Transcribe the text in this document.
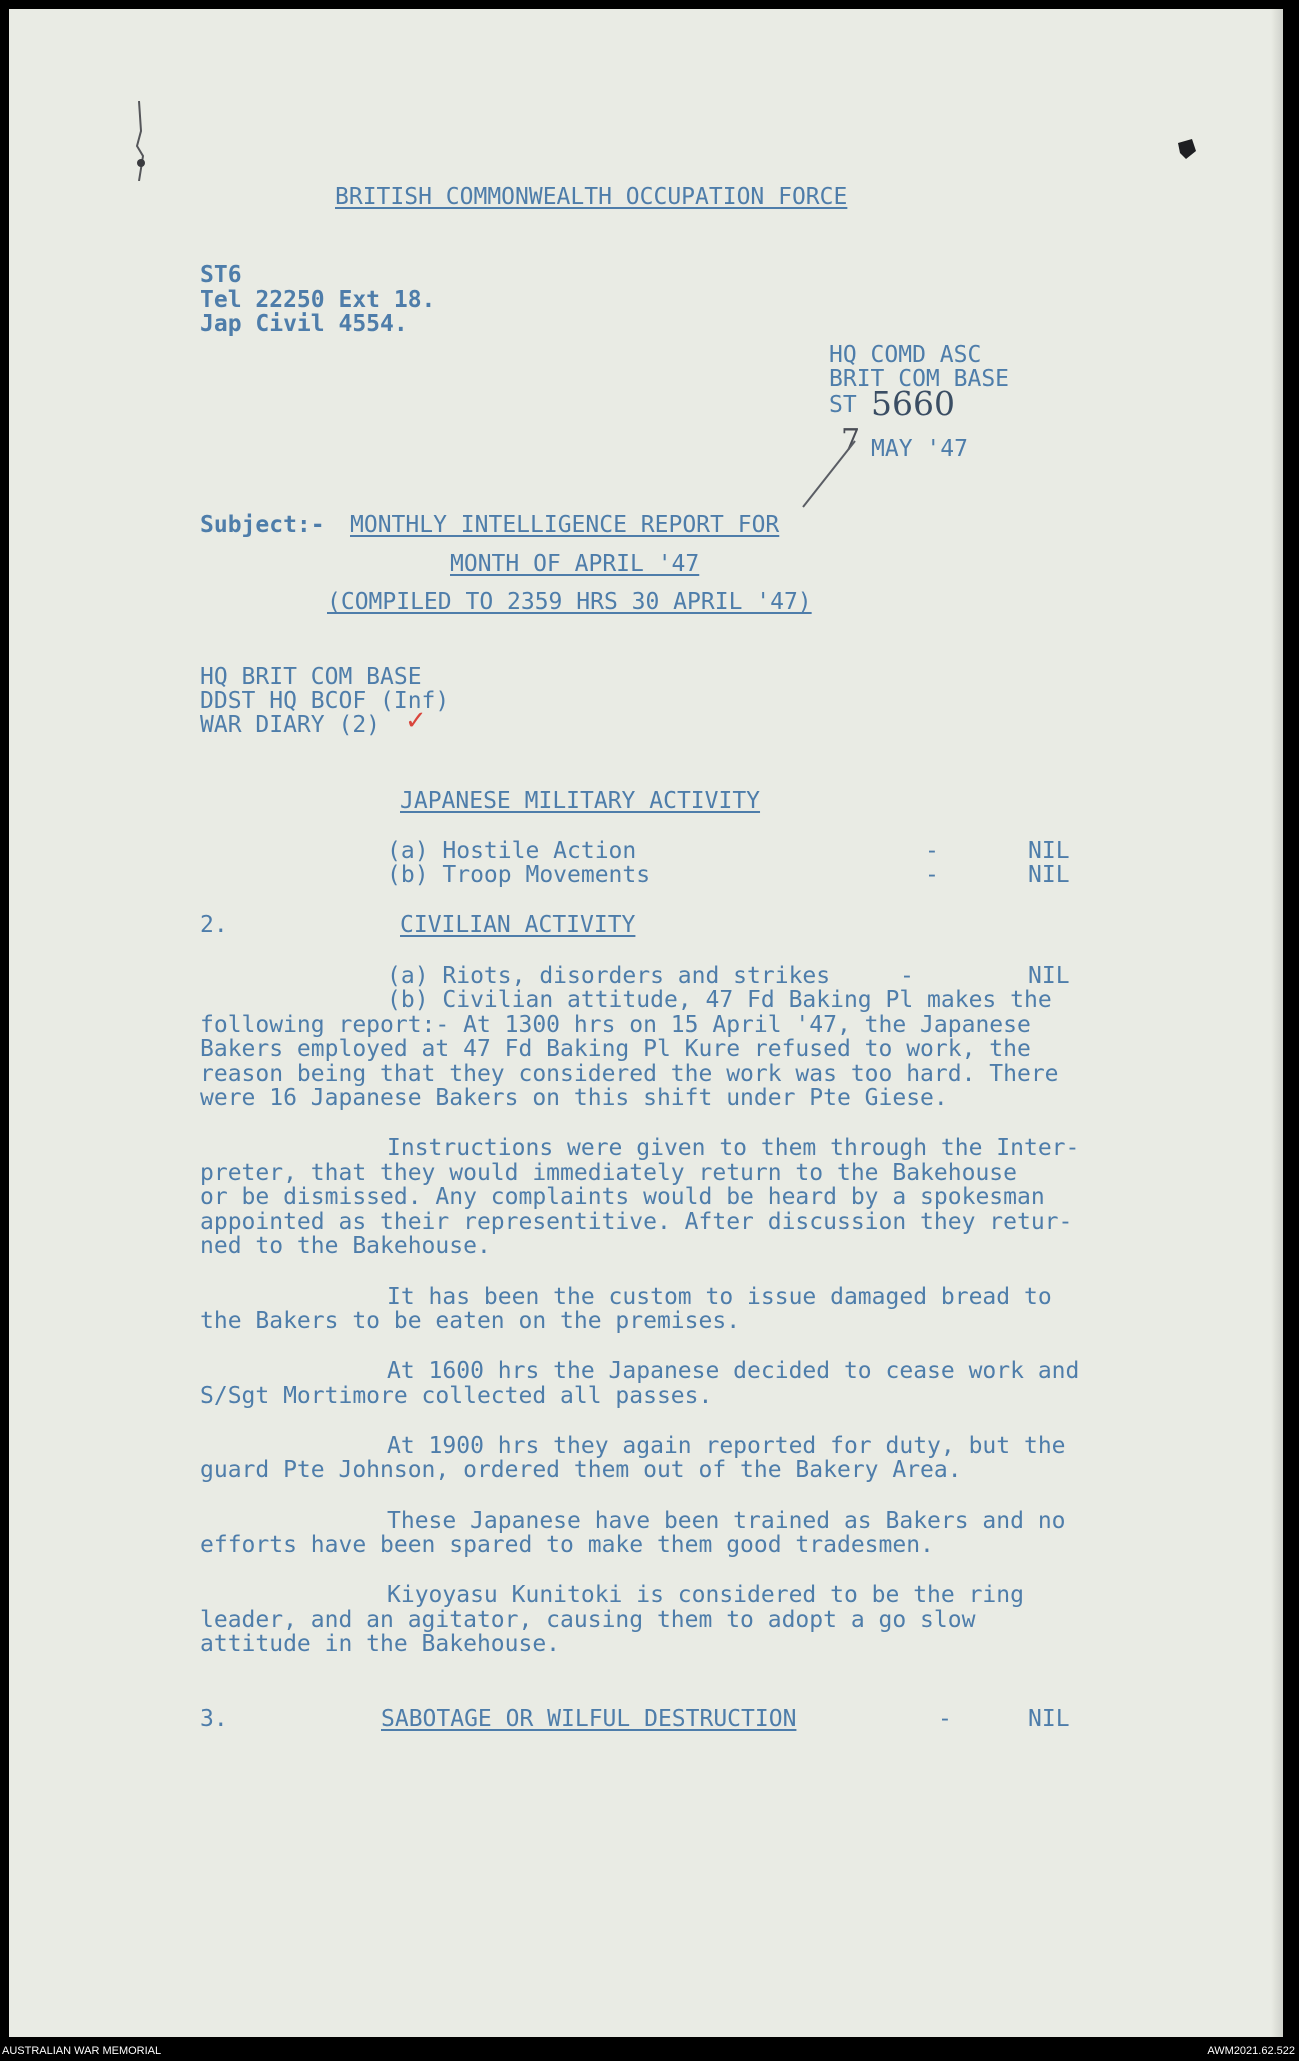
BRITISH COMMONWEALTH OCCUPATION FORCE

ST6

Tel 22250 Ext 18.

Jap Civil 4554.

HQ COMD ASC

BRIT COM BASE

ST 5660
7 MAY '47

Subject:- MONTHLY INTELLIGENCE REPORT FOR

MONTH OF APRIL '47

(COMPILED TO 2359 HRS 30 APRIL '47)

HQ BRIT COM BASE

DDST HQ BCOF (Inf)

WAR DIARY (2) ✓

JAPANESE MILITARY ACTIVITY

(a) Hostile Action	-	NIL

(b) Troop Movements	-	NIL

2.	CIVILIAN ACTIVITY

(a) Riots, disorders and strikes	-	NIL

(b) Civilian attitude, 47 Fd Baking Pl makes the

following report:- At 1300 hrs on 15 April '47, the Japanese

Bakers employed at 47 Fd Baking Pl Kure refused to work, the

reason being that they considered the work was too hard. There

were 16 Japanese Bakers on this shift under Pte Giese.

Instructions were given to them through the Inter-

preter, that they would immediately return to the Bakehouse

or be dismissed. Any complaints would be heard by a spokesman

appointed as their representitive. After discussion they retur-

ned to the Bakehouse.

It has been the custom to issue damaged bread to

the Bakers to be eaten on the premises.

At 1600 hrs the Japanese decided to cease work and

S/Sgt Mortimore collected all passes.

At 1900 hrs they again reported for duty, but the

guard Pte Johnson, ordered them out of the Bakery Area.

These Japanese have been trained as Bakers and no

efforts have been spared to make them good tradesmen.

Kiyoyasu Kunitoki is considered to be the ring

leader, and an agitator, causing them to adopt a go slow

attitude in the Bakehouse.

3.	SABOTAGE OR WILFUL DESTRUCTION	-	NIL

AUSTRALIAN WAR MEMORIAL	AWM2021.62.522
